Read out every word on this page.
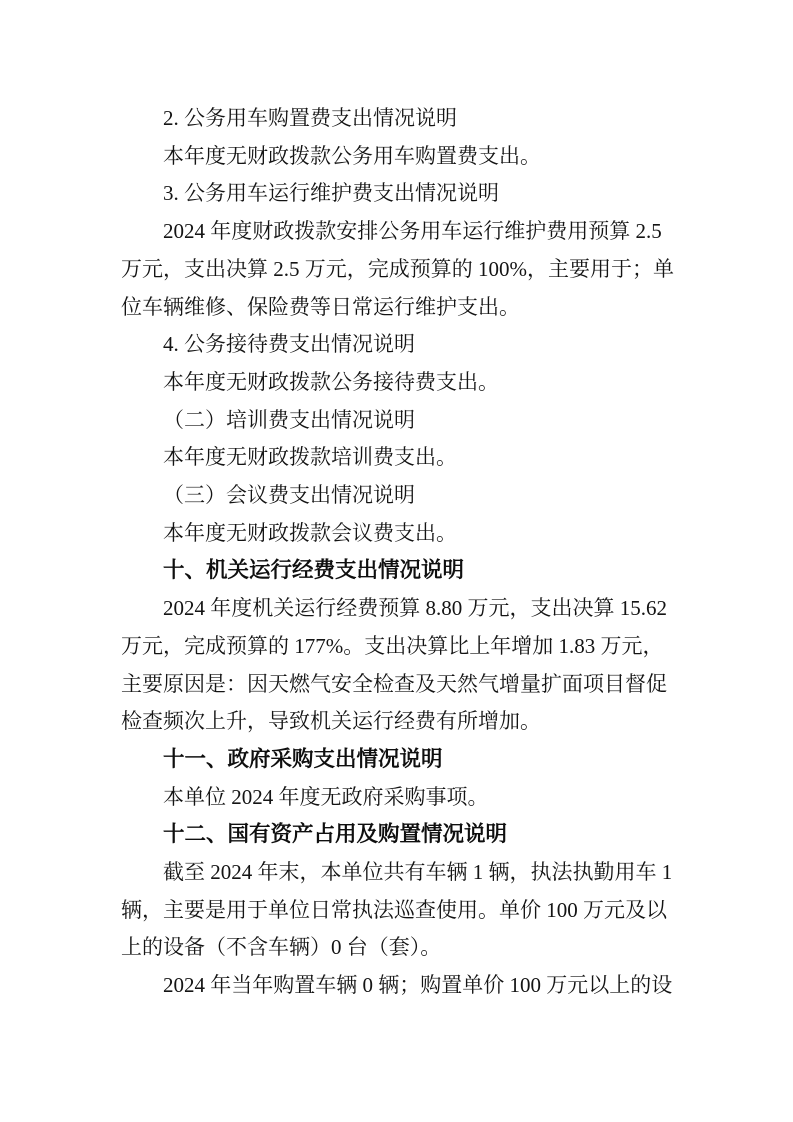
2. 公务用车购置费支出情况说明
本年度无财政拨款公务用车购置费支出。
3. 公务用车运行维护费支出情况说明
2024 年度财政拨款安排公务用车运行维护费用预算 2.5
万元，支出决算 2.5 万元，完成预算的 100%，主要用于；单
位车辆维修、保险费等日常运行维护支出。
4. 公务接待费支出情况说明
本年度无财政拨款公务接待费支出。
（二）培训费支出情况说明
本年度无财政拨款培训费支出。
（三）会议费支出情况说明
本年度无财政拨款会议费支出。
十、机关运行经费支出情况说明
2024 年度机关运行经费预算 8.80 万元，支出决算 15.62
万元，完成预算的 177%。支出决算比上年增加 1.83 万元，
主要原因是：因天燃气安全检查及天然气增量扩面项目督促
检查频次上升，导致机关运行经费有所增加。
十一、政府采购支出情况说明
本单位 2024 年度无政府采购事项。
十二、国有资产占用及购置情况说明
截至 2024 年末，本单位共有车辆 1 辆，执法执勤用车 1
辆，主要是用于单位日常执法巡查使用。单价 100 万元及以
上的设备（不含车辆）0 台（套）。
2024 年当年购置车辆 0 辆；购置单价 100 万元以上的设
